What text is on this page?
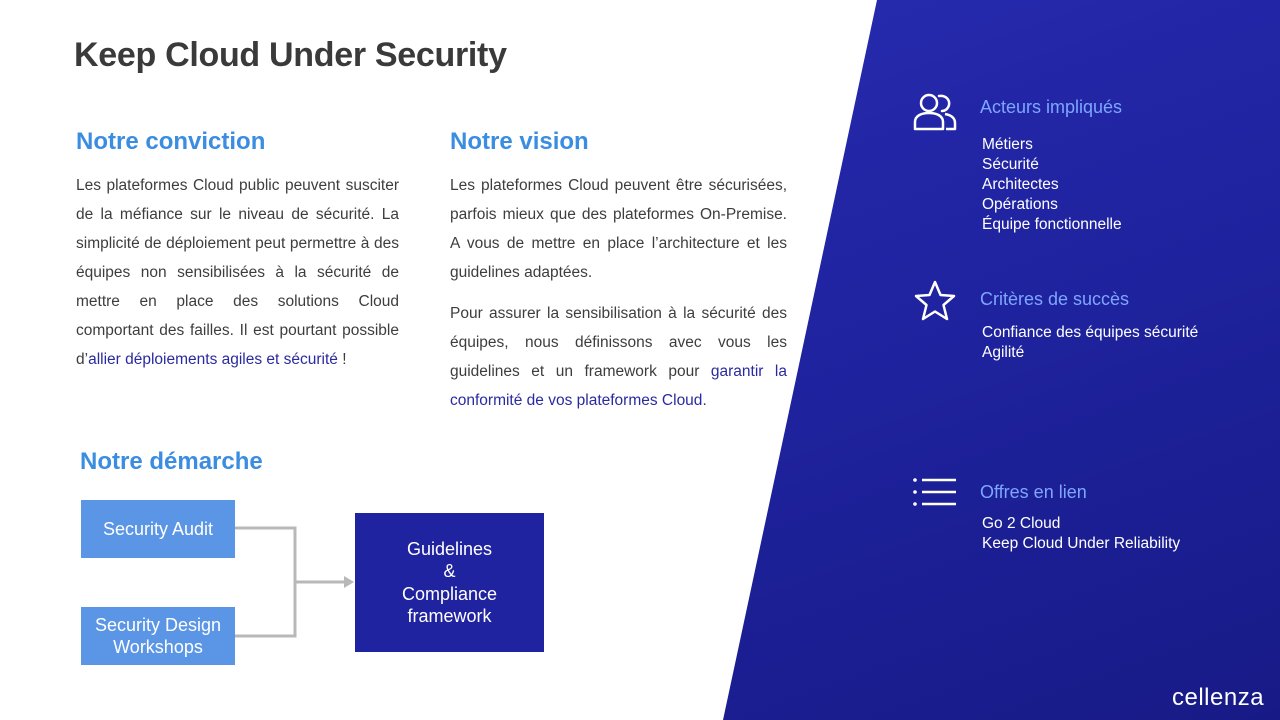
Keep Cloud Under Security
Notre conviction

Les plateformes Cloud public peuvent susciter de la méfiance sur le niveau de sécurité. La simplicité de déploiement peut permettre à des équipes non sensibilisées à la sécurité de mettre en place des solutions Cloud comportant des failles. Il est pourtant possible d’allier déploiements agiles et sécurité !

Notre vision

Les plateformes Cloud peuvent être sécurisées, parfois mieux que des plateformes On-Premise. A vous de mettre en place l’architecture et les guidelines adaptées.

Pour assurer la sensibilisation à la sécurité des équipes, nous définissons avec vous les guidelines et un framework pour garantir la conformité de vos plateformes Cloud.

Notre démarche
Security Audit
Security Design
Workshops
Guidelines
&
Compliance
framework
Acteurs impliqués
Métiers
Sécurité
Architectes
Opérations
Équipe fonctionnelle
Critères de succès
Confiance des équipes sécurité
Agilité
Offres en lien
Go 2 Cloud
Keep Cloud Under Reliability
cellenza
